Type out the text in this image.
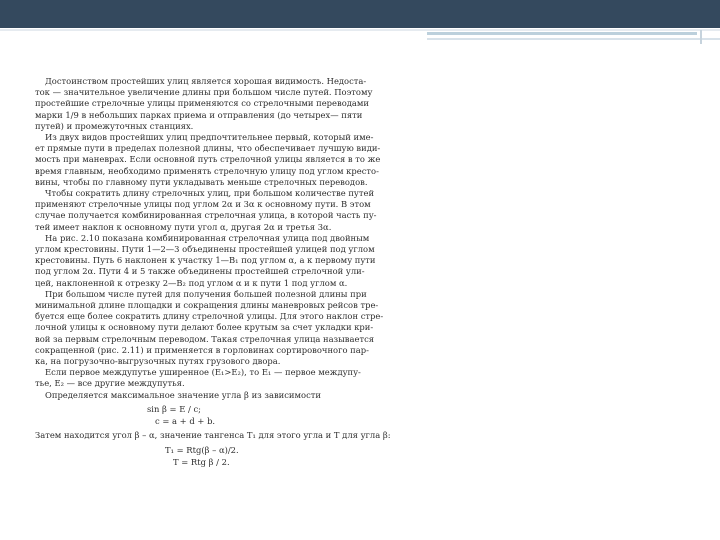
Достоинством простейших улиц является хорошая видимость. Недоста-
ток — значительное увеличение длины при большом числе путей. Поэтому
простейшие стрелочные улицы применяются со стрелочными переводами
марки 1/9 в небольших парках приема и отправления (до четырех— пяти
путей) и промежуточных станциях.
Из двух видов простейших улиц предпочтительнее первый, который име-
ет прямые пути в пределах полезной длины, что обеспечивает лучшую види-
мость при маневрах. Если основной путь стрелочной улицы является в то же
время главным, необходимо применять стрелочную улицу под углом кресто-
вины, чтобы по главному пути укладывать меньше стрелочных переводов.
Чтобы сократить длину стрелочных улиц, при большом количестве путей
применяют стрелочные улицы под углом 2α и 3α к основному пути. В этом
случае получается комбинированная стрелочная улица, в которой часть пу-
тей имеет наклон к основному пути угол α, другая 2α и третья 3α.
На рис. 2.10 показана комбинированная стрелочная улица под двойным
углом крестовины. Пути 1—2—3 объединены простейшей улицей под углом
крестовины. Путь 6 наклонен к участку 1—B₁ под углом α, а к первому пути
под углом 2α. Пути 4 и 5 также объединены простейшей стрелочной ули-
цей, наклоненной к отрезку 2—B₂ под углом α и к пути 1 под углом α.
При большом числе путей для получения большей полезной длины при
минимальной длине площадки и сокращения длины маневровых рейсов тре-
буется еще более сократить длину стрелочной улицы. Для этого наклон стре-
лочной улицы к основному пути делают более крутым за счет укладки кри-
вой за первым стрелочным переводом. Такая стрелочная улица называется
сокращенной (рис. 2.11) и применяется в горловинах сортировочного пар-
ка, на погрузочно-выгрузочных путях грузового двора.
Если первое междупутье уширенное (E₁>E₂), то E₁ — первое междупу-
тье, E₂ — все другие междупутья.
Определяется максимальное значение угла β из зависимости
sin β = E / c;
c = a + d + b.
Затем находится угол β – α, значение тангенса T₁ для этого угла и T для угла β:
T₁ = Rtg(β – α)/2.
T = Rtg β / 2.
